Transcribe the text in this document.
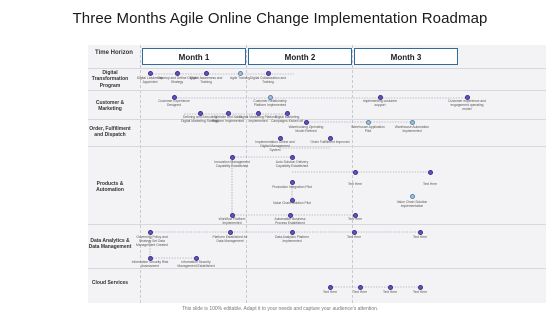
Three Months Agile Online Change Implementation Roadmap
Time Horizon	Month 1	Month 2	Month 3
Digital Transformation Program
Customer & Marketing
Order, Fulfillment and Dispatch
Products & Automation
Data Analytics & Data Management
Cloud Services
Digital Leadership Appointed
Develop and Define Digital Strategy
Digital Awareness and Training
Agile Training Digital Collaboration and Training
Customer Experience Designed
Customer Relationship Platform Implemented
Implementing customer support
Customer experience and engagement operating model
Defining and Executing Digital Marketing Strategy
Website and Sales Platform Implemented
Digital Marketing Platform Implemented
Digital Marketing Campaigns Kicked off
Warehousing Operating Model Refined
Warehouse Application Pilot
Warehouse Automation Implemented
Implementation Online and Digital Management System
Order Fulfillment Improved
Innovation Management Capability Established
Auto Solution Delivery Capability Established
Text Here	Text Here
Production Integration Pilot
Value Chain Solution Pilot	Value Chain Solution Implementation
Workflow Platform Implemented
Automation Business Process Established
Text Here
Governing Policy and Strategy Set Data Management Created
Platform Established for Data Management
Data Analytics Platform Implemented
Text Here	Text Here
Information Security Risk Assessment
Information Security Management Established
Text Here	Text Here	Text Here	Text Here
This slide is 100% editable. Adapt it to your needs and capture your audience's attention.
